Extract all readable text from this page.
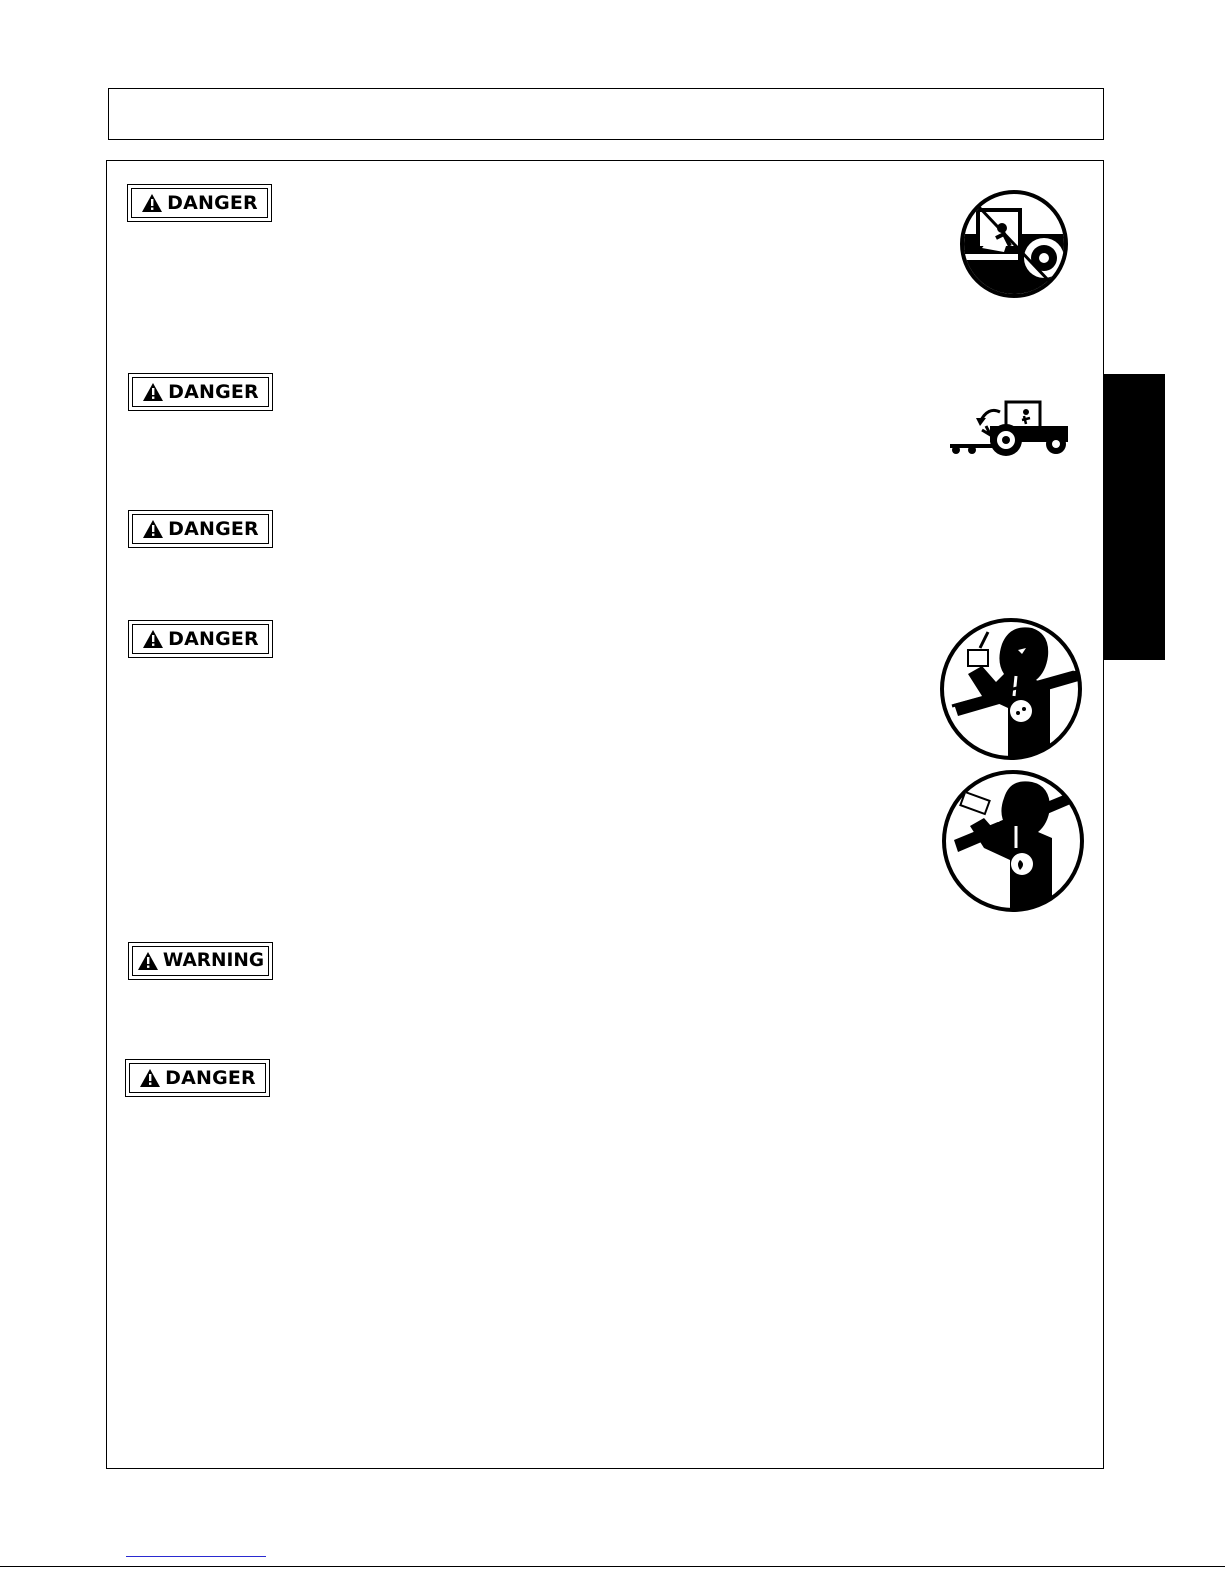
DANGER
DANGER
DANGER
DANGER
WARNING
DANGER
